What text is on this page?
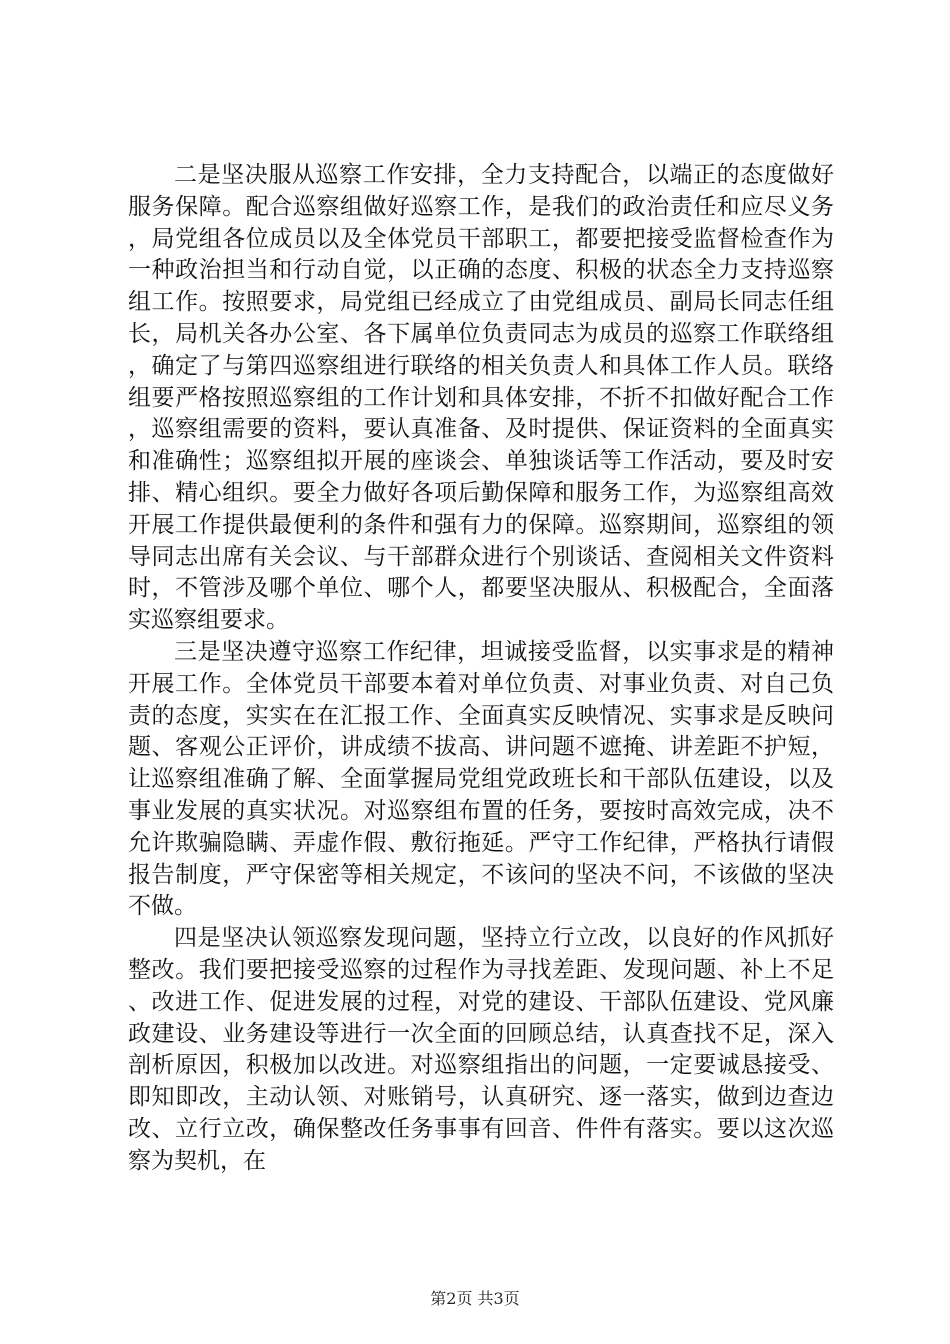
二是坚决服从巡察工作安排，全力支持配合，以端正的态度做好服务保障。配合巡察组做好巡察工作，是我们的政治责任和应尽义务，局党组各位成员以及全体党员干部职工，都要把接受监督检查作为一种政治担当和行动自觉，以正确的态度、积极的状态全力支持巡察组工作。按照要求，局党组已经成立了由党组成员、副局长同志任组长，局机关各办公室、各下属单位负责同志为成员的巡察工作联络组，确定了与第四巡察组进行联络的相关负责人和具体工作人员。联络组要严格按照巡察组的工作计划和具体安排，不折不扣做好配合工作，巡察组需要的资料，要认真准备、及时提供、保证资料的全面真实和准确性；巡察组拟开展的座谈会、单独谈话等工作活动，要及时安排、精心组织。要全力做好各项后勤保障和服务工作，为巡察组高效开展工作提供最便利的条件和强有力的保障。巡察期间，巡察组的领导同志出席有关会议、与干部群众进行个别谈话、查阅相关文件资料时，不管涉及哪个单位、哪个人，都要坚决服从、积极配合，全面落实巡察组要求。

三是坚决遵守巡察工作纪律，坦诚接受监督，以实事求是的精神开展工作。全体党员干部要本着对单位负责、对事业负责、对自己负责的态度，实实在在汇报工作、全面真实反映情况、实事求是反映问题、客观公正评价，讲成绩不拔高、讲问题不遮掩、讲差距不护短，让巡察组准确了解、全面掌握局党组党政班长和干部队伍建设，以及事业发展的真实状况。对巡察组布置的任务，要按时高效完成，决不允许欺骗隐瞒、弄虚作假、敷衍拖延。严守工作纪律，严格执行请假报告制度，严守保密等相关规定，不该问的坚决不问，不该做的坚决不做。

四是坚决认领巡察发现问题，坚持立行立改，以良好的作风抓好整改。我们要把接受巡察的过程作为寻找差距、发现问题、补上不足、改进工作、促进发展的过程，对党的建设、干部队伍建设、党风廉政建设、业务建设等进行一次全面的回顾总结，认真查找不足，深入剖析原因，积极加以改进。对巡察组指出的问题，一定要诚恳接受、即知即改，主动认领、对账销号，认真研究、逐一落实，做到边查边改、立行立改，确保整改任务事事有回音、件件有落实。要以这次巡察为契机，在

第2页 共3页
